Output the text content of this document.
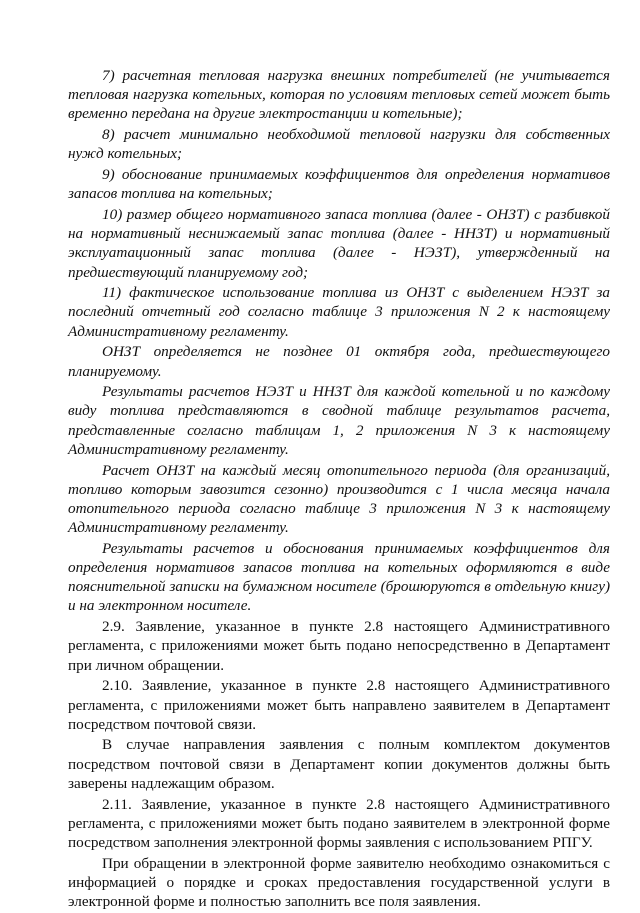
7) расчетная тепловая нагрузка внешних потребителей (не учитывается тепловая нагрузка котельных, которая по условиям тепловых сетей может быть временно передана на другие электростанции и котельные);

8) расчет минимально необходимой тепловой нагрузки для собственных нужд котельных;

9) обоснование принимаемых коэффициентов для определения нормативов запасов топлива на котельных;

10) размер общего нормативного запаса топлива (далее - ОНЗТ) с разбивкой на нормативный неснижаемый запас топлива (далее - ННЗТ) и нормативный эксплуатационный запас топлива (далее - НЭЗТ), утвержденный на предшествующий планируемому год;

11) фактическое использование топлива из ОНЗТ с выделением НЭЗТ за последний отчетный год согласно таблице 3 приложения N 2 к настоящему Административному регламенту.

ОНЗТ определяется не позднее 01 октября года, предшествующего планируемому.

Результаты расчетов НЭЗТ и ННЗТ для каждой котельной и по каждому виду топлива представляются в сводной таблице результатов расчета, представленные согласно таблицам 1, 2 приложения N 3 к настоящему Административному регламенту.

Расчет ОНЗТ на каждый месяц отопительного периода (для организаций, топливо которым завозится сезонно) производится с 1 числа месяца начала отопительного периода согласно таблице 3 приложения N 3 к настоящему Административному регламенту.

Результаты расчетов и обоснования принимаемых коэффициентов для определения нормативов запасов топлива на котельных оформляются в виде пояснительной записки на бумажном носителе (брошюруются в отдельную книгу) и на электронном носителе.

2.9. Заявление, указанное в пункте 2.8 настоящего Административного регламента, с приложениями может быть подано непосредственно в Департамент при личном обращении.

2.10. Заявление, указанное в пункте 2.8 настоящего Административного регламента, с приложениями может быть направлено заявителем в Департамент посредством почтовой связи.

В случае направления заявления с полным комплектом документов посредством почтовой связи в Департамент копии документов должны быть заверены надлежащим образом.

2.11. Заявление, указанное в пункте 2.8 настоящего Административного регламента, с приложениями может быть подано заявителем в электронной форме посредством заполнения электронной формы заявления с использованием РПГУ.

При обращении в электронной форме заявителю необходимо ознакомиться с информацией о порядке и сроках предоставления государственной услуги в электронной форме и полностью заполнить все поля заявления.
